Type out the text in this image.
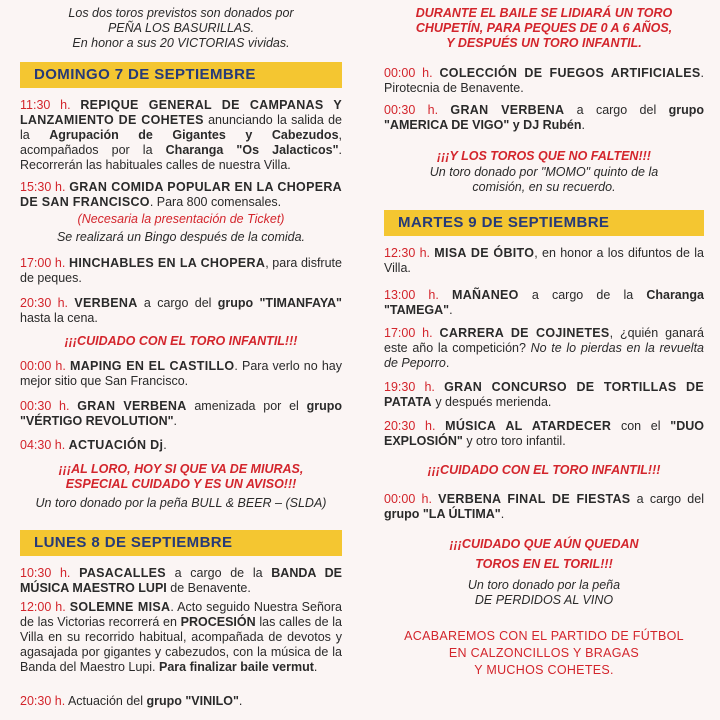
Los dos toros previstos son donados por
PEÑA LOS BASURILLAS.
En honor a sus 20 VICTORIAS vividas.
DOMINGO 7 DE SEPTIEMBRE

11:30 h. REPIQUE GENERAL DE CAMPANAS Y LANZAMIENTO DE COHETES anunciando la salida de la Agrupación de Gigantes y Cabezudos, acompañados por la Charanga "Os Jalacticos". Recorrerán las habituales calles de nuestra Villa.

15:30 h. GRAN COMIDA POPULAR EN LA CHOPERA DE SAN FRANCISCO. Para 800 comensales.

(Necesaria la presentación de Ticket)

Se realizará un Bingo después de la comida.

17:00 h. HINCHABLES EN LA CHOPERA, para disfrute de peques.

20:30 h. VERBENA a cargo del grupo "TIMANFAYA" hasta la cena.

¡¡¡CUIDADO CON EL TORO INFANTIL!!!

00:00 h. MAPING EN EL CASTILLO. Para verlo no hay mejor sitio que San Francisco.

00:30 h. GRAN VERBENA amenizada por el grupo "VÉRTIGO REVOLUTION".

04:30 h. ACTUACIÓN Dj.

¡¡¡AL LORO, HOY SI QUE VA DE MIURAS,
ESPECIAL CUIDADO Y ES UN AVISO!!!

Un toro donado por la peña BULL & BEER – (SLDA)

LUNES 8 DE SEPTIEMBRE

10:30 h. PASACALLES a cargo de la BANDA DE MÚSICA MAESTRO LUPI de Benavente.

12:00 h. SOLEMNE MISA. Acto seguido Nuestra Señora de las Victorias recorrerá en PROCESIÓN las calles de la Villa en su recorrido habitual, acompañada de devotos y agasajada por gigantes y cabezudos, con la música de la Banda del Maestro Lupi. Para finalizar baile vermut.

20:30 h. Actuación del grupo "VINILO".

DURANTE EL BAILE SE LIDIARÁ UN TORO
CHUPETÍN, PARA PEQUES DE 0 A 6 AÑOS,
Y DESPUÉS UN TORO INFANTIL.

00:00 h. COLECCIÓN DE FUEGOS ARTIFICIALES. Pirotecnia de Benavente.

00:30 h. GRAN VERBENA a cargo del grupo "AMERICA DE VIGO" y DJ Rubén.

¡¡¡Y LOS TOROS QUE NO FALTEN!!!

Un toro donado por "MOMO" quinto de la
comisión, en su recuerdo.
MARTES 9 DE SEPTIEMBRE

12:30 h. MISA DE ÓBITO, en honor a los difuntos de la Villa.

13:00 h. MAÑANEO a cargo de la Charanga "TAMEGA".

17:00 h. CARRERA DE COJINETES, ¿quién ganará este año la competición? No te lo pierdas en la revuelta de Peporro.

19:30 h. GRAN CONCURSO DE TORTILLAS DE PATATA y después merienda.

20:30 h. MÚSICA AL ATARDECER con el "DUO EXPLOSIÓN" y otro toro infantil.

¡¡¡CUIDADO CON EL TORO INFANTIL!!!

00:00 h. VERBENA FINAL DE FIESTAS a cargo del grupo "LA ÚLTIMA".

¡¡¡CUIDADO QUE AÚN QUEDAN
TOROS EN EL TORIL!!!
Un toro donado por la peña
DE PERDIDOS AL VINO
ACABAREMOS CON EL PARTIDO DE FÚTBOL
EN CALZONCILLOS Y BRAGAS
Y MUCHOS COHETES.
